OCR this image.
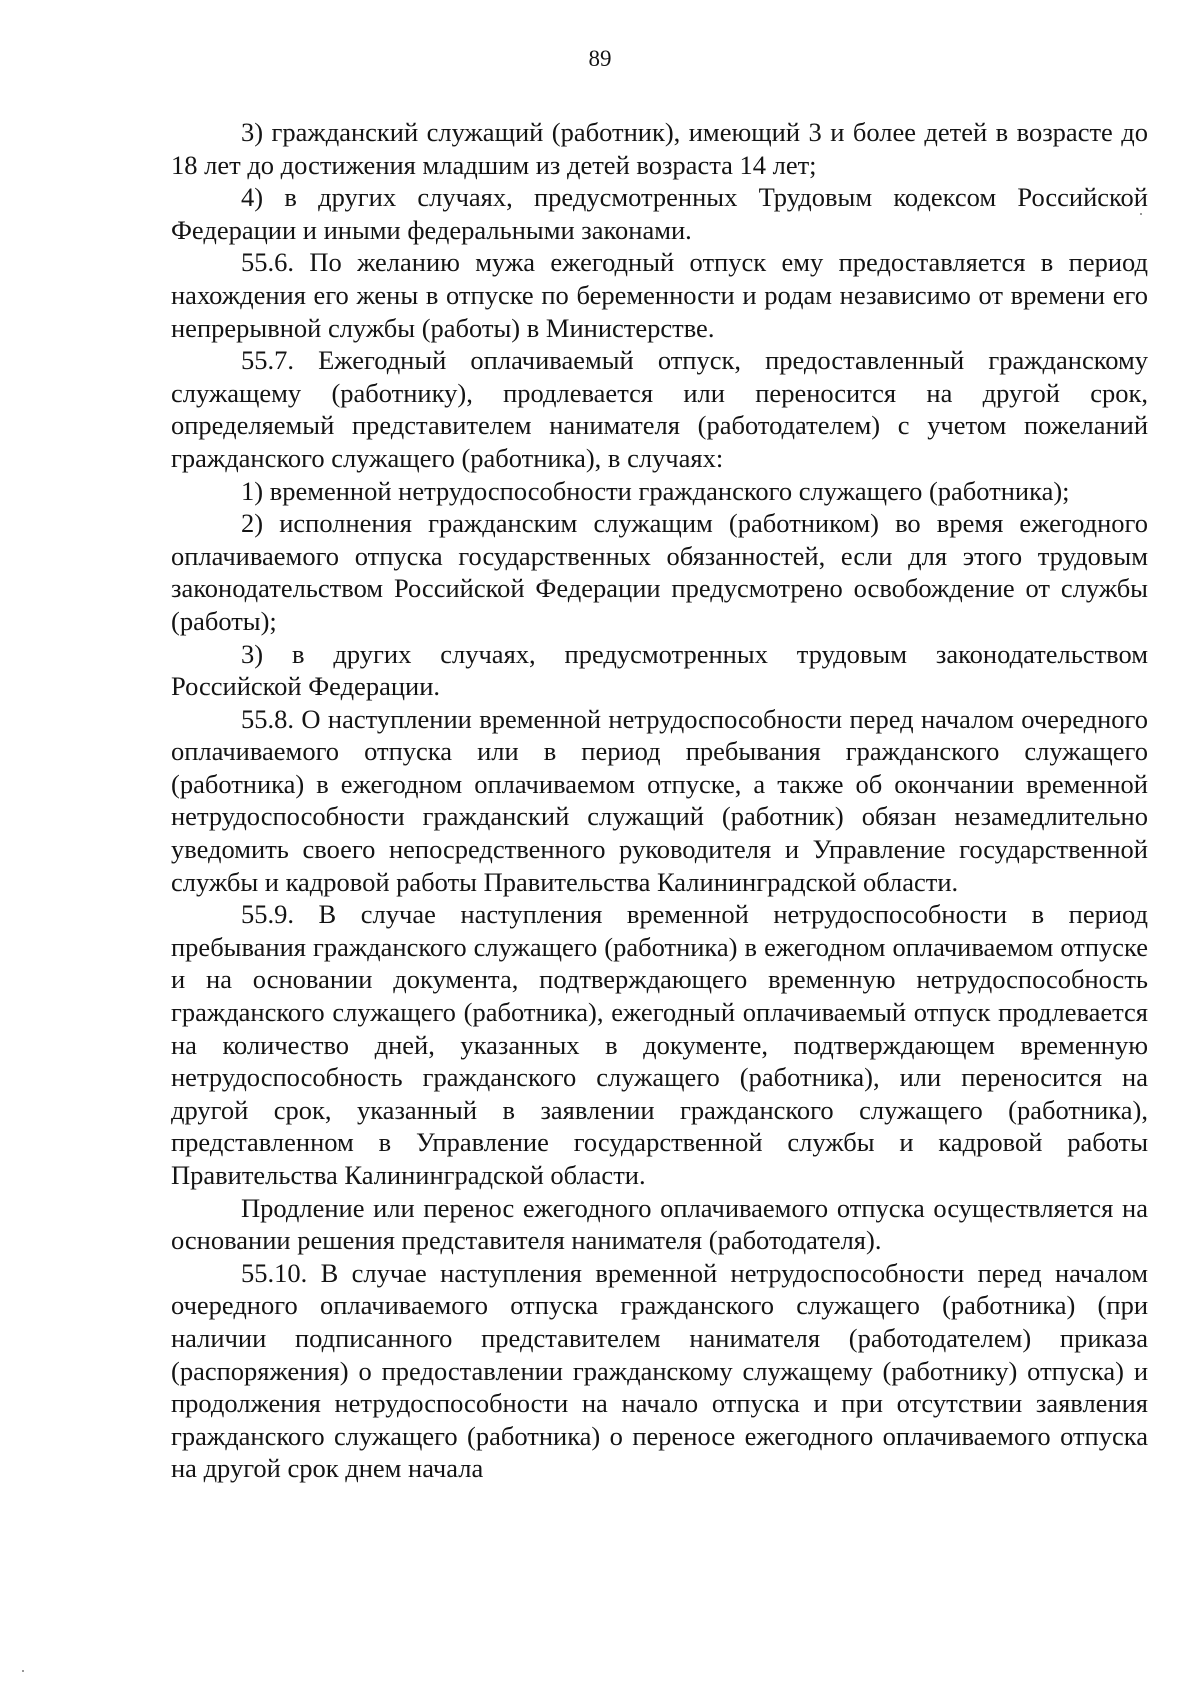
89

3) гражданский служащий (работник), имеющий 3 и более детей в возрасте до 18 лет до достижения младшим из детей возраста 14 лет;

4) в других случаях, предусмотренных Трудовым кодексом Российской Федерации и иными федеральными законами.

55.6. По желанию мужа ежегодный отпуск ему предоставляется в период нахождения его жены в отпуске по беременности и родам независимо от времени его непрерывной службы (работы) в Министерстве.

55.7. Ежегодный оплачиваемый отпуск, предоставленный гражданскому служащему (работнику), продлевается или переносится на другой срок, определяемый представителем нанимателя (работодателем) с учетом пожеланий гражданского служащего (работника), в случаях:

1) временной нетрудоспособности гражданского служащего (работника);

2) исполнения гражданским служащим (работником) во время ежегодного оплачиваемого отпуска государственных обязанностей, если для этого трудовым законодательством Российской Федерации предусмотрено освобождение от службы (работы);

3) в других случаях, предусмотренных трудовым законодательством Российской Федерации.

55.8. О наступлении временной нетрудоспособности перед началом очередного оплачиваемого отпуска или в период пребывания гражданского служащего (работника) в ежегодном оплачиваемом отпуске, а также об окончании временной нетрудоспособности гражданский служащий (работник) обязан незамедлительно уведомить своего непосредственного руководителя и Управление государственной службы и кадровой работы Правительства Калининградской области.

55.9. В случае наступления временной нетрудоспособности в период пребывания гражданского служащего (работника) в ежегодном оплачиваемом отпуске и на основании документа, подтверждающего временную нетрудоспособность гражданского служащего (работника), ежегодный оплачиваемый отпуск продлевается на количество дней, указанных в документе, подтверждающем временную нетрудоспособность гражданского служащего (работника), или переносится на другой срок, указанный в заявлении гражданского служащего (работника), представленном в Управление государственной службы и кадровой работы Правительства Калининградской области.

Продление или перенос ежегодного оплачиваемого отпуска осуществляется на основании решения представителя нанимателя (работодателя).

55.10. В случае наступления временной нетрудоспособности перед началом очередного оплачиваемого отпуска гражданского служащего (работника) (при наличии подписанного представителем нанимателя (работодателем) приказа (распоряжения) о предоставлении гражданскому служащему (работнику) отпуска) и продолжения нетрудоспособности на начало отпуска и при отсутствии заявления гражданского служащего (работника) о переносе ежегодного оплачиваемого отпуска на другой срок днем начала
